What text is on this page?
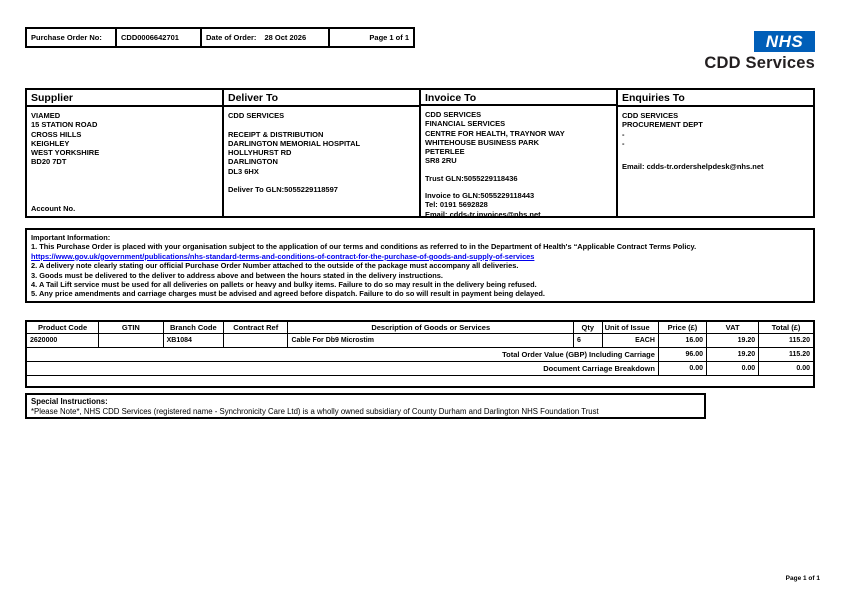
Purchase Order No:	CDD0006642701	Date of Order: 28 Oct 2026	Page 1 of 1	NHS
CDD Services
Supplier
VIAMED
15 STATION ROAD
CROSS HILLS
KEIGHLEY
WEST YORKSHIRE
BD20 7DT
Account No.
Deliver To
CDD SERVICES
RECEIPT & DISTRIBUTION
DARLINGTON MEMORIAL HOSPITAL
HOLLYHURST RD
DARLINGTON
DL3 6HX
Deliver To GLN:5055229118597
Invoice To
CDD SERVICES
FINANCIAL SERVICES
CENTRE FOR HEALTH, TRAYNOR WAY
WHITEHOUSE BUSINESS PARK
PETERLEE
SR8 2RU
Trust GLN:5055229118436
Invoice to GLN:5055229118443
Tel: 0191 5692828
Email: cdds-tr.invoices@nhs.net
Enquiries To
CDD SERVICES
PROCUREMENT DEPT
-
-
Email: cdds-tr.ordershelpdesk@nhs.net
Important Information:
1. This Purchase Order is placed with your organisation subject to the application of our terms and conditions as referred to in the Department of Health's “Applicable Contract Terms Policy.
https://www.gov.uk/government/publications/nhs-standard-terms-and-conditions-of-contract-for-the-purchase-of-goods-and-supply-of-services
2. A delivery note clearly stating our official Purchase Order Number attached to the outside of the package must accompany all deliveries.
3. Goods must be delivered to the deliver to address above and between the hours stated in the delivery instructions.
4. A Tail Lift service must be used for all deliveries on pallets or heavy and bulky items. Failure to do so may result in the delivery being refused.
5. Any price amendments and carriage charges must be advised and agreed before dispatch. Failure to do so will result in payment being delayed.
Product Code	GTIN	Branch Code	Contract Ref	Description of Goods or Services	Qty	Unit of Issue	Price (£)	VAT	Total (£)
2620000		XB1084		Cable For Db9 Microstim	6	EACH	16.00	19.20	115.20
Total Order Value (GBP) Including Carriage							96.00	19.20	115.20
Document Carriage Breakdown							0.00	0.00	0.00

Special Instructions:
*Please Note*, NHS CDD Services (registered name - Synchronicity Care Ltd) is a wholly owned subsidiary of County Durham and Darlington NHS Foundation Trust
Page 1 of 1
